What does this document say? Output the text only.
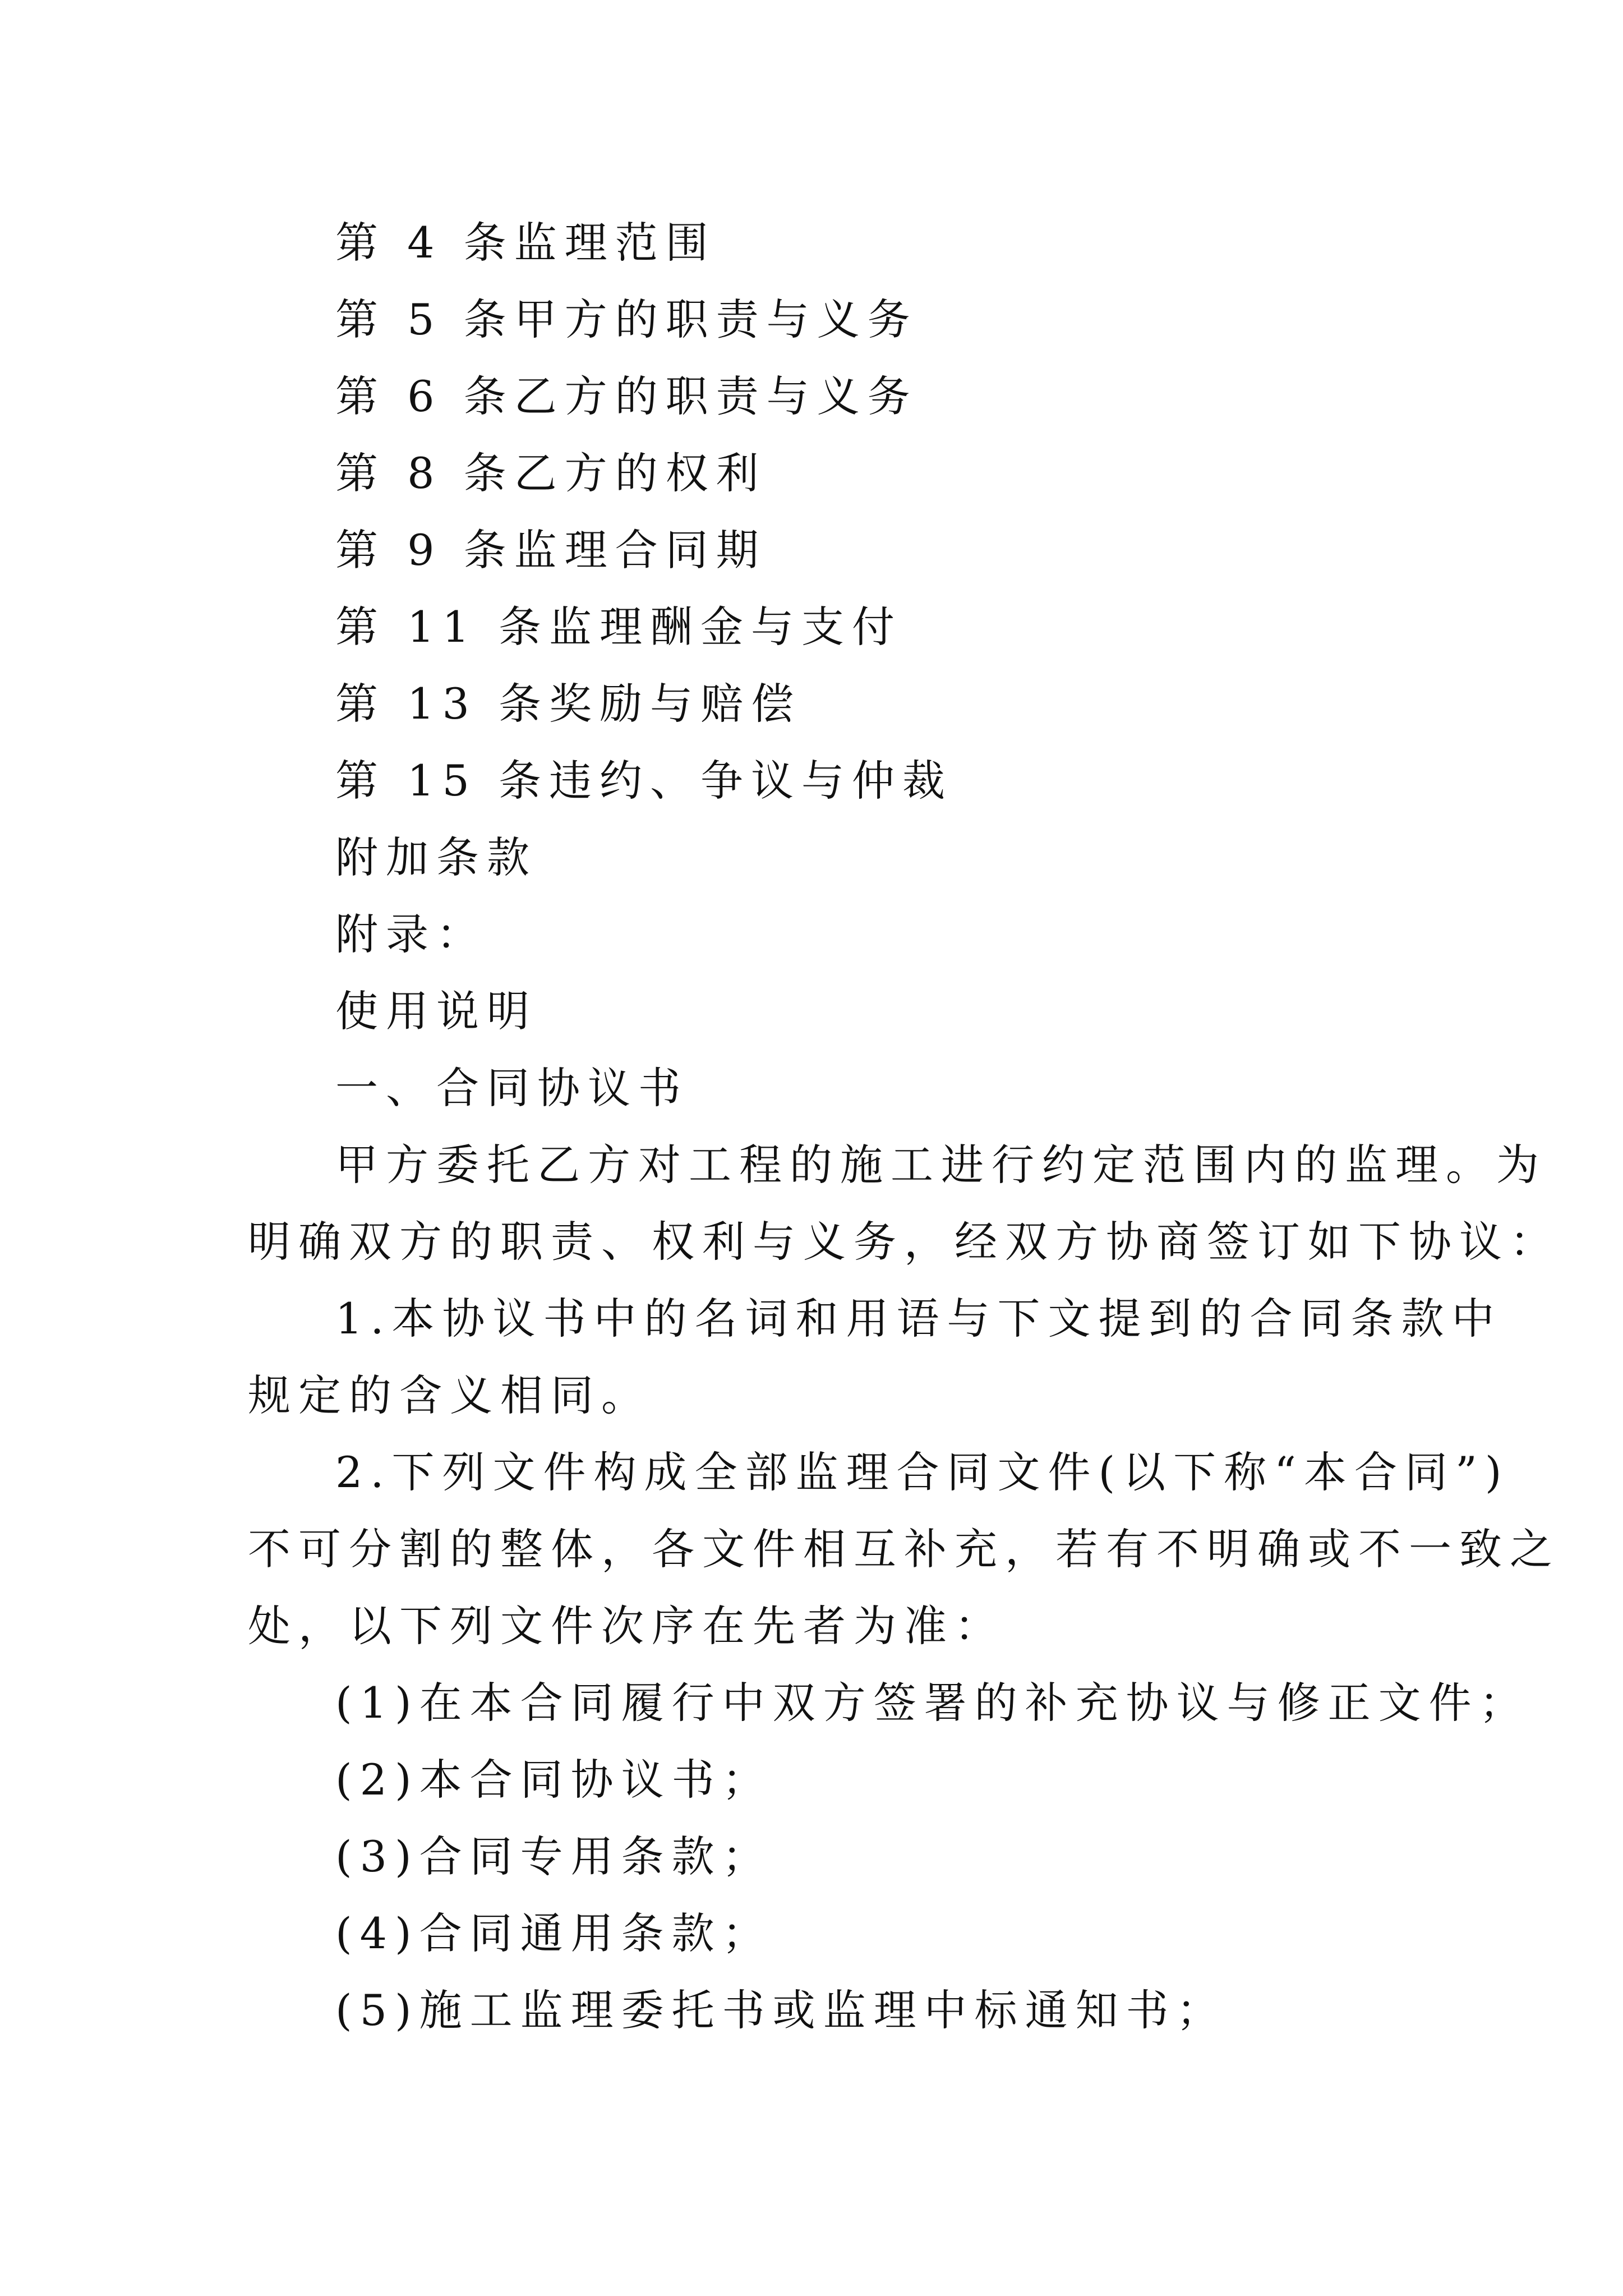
第 4 条监理范围
第 5 条甲方的职责与义务
第 6 条乙方的职责与义务
第 8 条乙方的权利
第 9 条监理合同期
第 11 条监理酬金与支付
第 13 条奖励与赔偿
第 15 条违约、争议与仲裁
附加条款
附录：
使用说明
一、合同协议书
甲方委托乙方对工程的施工进行约定范围内的监理。为
明确双方的职责、权利与义务，经双方协商签订如下协议：
1.本协议书中的名词和用语与下文提到的合同条款中
规定的含义相同。
2.下列文件构成全部监理合同文件(以下称“本合同”)
不可分割的整体，各文件相互补充，若有不明确或不一致之
处，以下列文件次序在先者为准：
(1)在本合同履行中双方签署的补充协议与修正文件；
(2)本合同协议书；
(3)合同专用条款；
(4)合同通用条款；
(5)施工监理委托书或监理中标通知书；
